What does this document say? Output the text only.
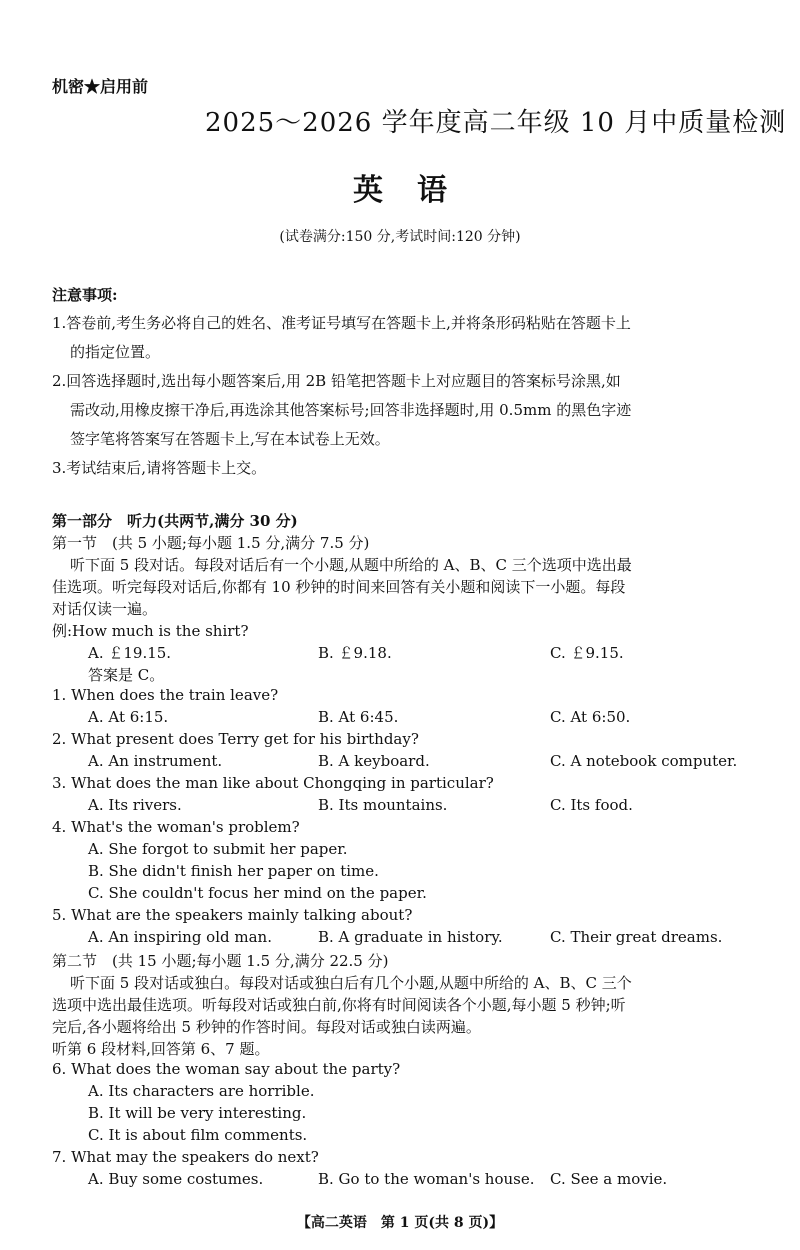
机密★启用前
2025～2026 学年度高二年级 10 月中质量检测
英语
(试卷满分:150 分,考试时间:120 分钟)
注意事项:
1.答卷前,考生务必将自己的姓名、准考证号填写在答题卡上,并将条形码粘贴在答题卡上
的指定位置。
2.回答选择题时,选出每小题答案后,用 2B 铅笔把答题卡上对应题目的答案标号涂黑,如
需改动,用橡皮擦干净后,再选涂其他答案标号;回答非选择题时,用 0.5mm 的黑色字迹
签字笔将答案写在答题卡上,写在本试卷上无效。
3.考试结束后,请将答题卡上交。
第一部分　听力(共两节,满分 30 分)
第一节　(共 5 小题;每小题 1.5 分,满分 7.5 分)
听下面 5 段对话。每段对话后有一个小题,从题中所给的 A、B、C 三个选项中选出最
佳选项。听完每段对话后,你都有 10 秒钟的时间来回答有关小题和阅读下一小题。每段
对话仅读一遍。
例:How much is the shirt?
A. ￡19.15.	B. ￡9.18.	C. ￡9.15.
答案是 C。
1. When does the train leave?
A. At 6:15.	B. At 6:45.	C. At 6:50.
2. What present does Terry get for his birthday?
A. An instrument.	B. A keyboard.	C. A notebook computer.
3. What does the man like about Chongqing in particular?
A. Its rivers.	B. Its mountains.	C. Its food.
4. What's the woman's problem?
A. She forgot to submit her paper.
B. She didn't finish her paper on time.
C. She couldn't focus her mind on the paper.
5. What are the speakers mainly talking about?
A. An inspiring old man.	B. A graduate in history.	C. Their great dreams.
第二节　(共 15 小题;每小题 1.5 分,满分 22.5 分)
听下面 5 段对话或独白。每段对话或独白后有几个小题,从题中所给的 A、B、C 三个
选项中选出最佳选项。听每段对话或独白前,你将有时间阅读各个小题,每小题 5 秒钟;听
完后,各小题将给出 5 秒钟的作答时间。每段对话或独白读两遍。
听第 6 段材料,回答第 6、7 题。
6. What does the woman say about the party?
A. Its characters are horrible.
B. It will be very interesting.
C. It is about film comments.
7. What may the speakers do next?
A. Buy some costumes.	B. Go to the woman's house. C. See a movie.
【高二英语　第 1 页(共 8 页)】
